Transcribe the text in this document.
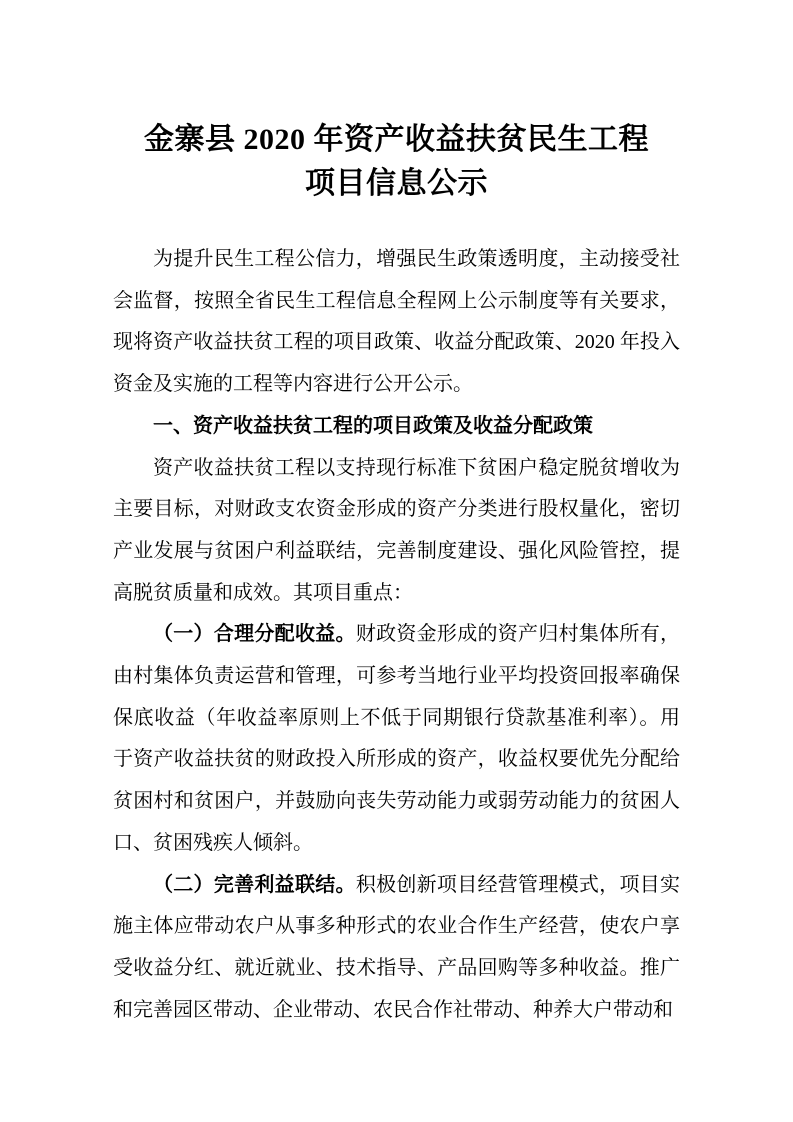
金寨县 2020 年资产收益扶贫民生工程
项目信息公示

为提升民生工程公信力，增强民生政策透明度，主动接受社会监督，按照全省民生工程信息全程网上公示制度等有关要求，现将资产收益扶贫工程的项目政策、收益分配政策、2020 年投入资金及实施的工程等内容进行公开公示。

一、资产收益扶贫工程的项目政策及收益分配政策

资产收益扶贫工程以支持现行标准下贫困户稳定脱贫增收为主要目标，对财政支农资金形成的资产分类进行股权量化，密切产业发展与贫困户利益联结，完善制度建设、强化风险管控，提高脱贫质量和成效。其项目重点：

（一）合理分配收益。财政资金形成的资产归村集体所有，由村集体负责运营和管理，可参考当地行业平均投资回报率确保保底收益（年收益率原则上不低于同期银行贷款基准利率）。用于资产收益扶贫的财政投入所形成的资产，收益权要优先分配给贫困村和贫困户，并鼓励向丧失劳动能力或弱劳动能力的贫困人口、贫困残疾人倾斜。

（二）完善利益联结。积极创新项目经营管理模式，项目实施主体应带动农户从事多种形式的农业合作生产经营，使农户享受收益分红、就近就业、技术指导、产品回购等多种收益。推广和完善园区带动、企业带动、农民合作社带动、种养大户带动和
